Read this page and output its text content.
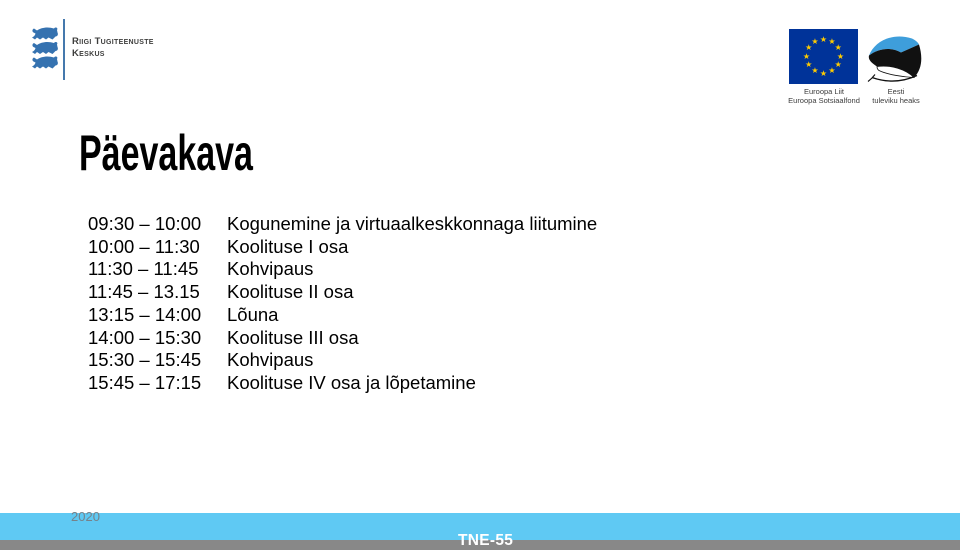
Riigi Tugiteenuste
Keskus
★ ★
★
★
★
★
★
★
★
★
★
★
Euroopa Liit
Euroopa Sotsiaalfond
Eesti
tuleviku heaks
Päevakava
09:30 – 10:00	Kogunemine ja virtuaalkeskkonnaga liitumine
10:00 – 11:30	Koolituse I osa
11:30 – 11:45	Kohvipaus
11:45 – 13.15	Koolituse II osa
13:15 – 14:00	Lõuna
14:00 – 15:30	Koolituse III osa
15:30 – 15:45	Kohvipaus
15:45 – 17:15	Koolituse IV osa ja lõpetamine
2020
TNE-55
